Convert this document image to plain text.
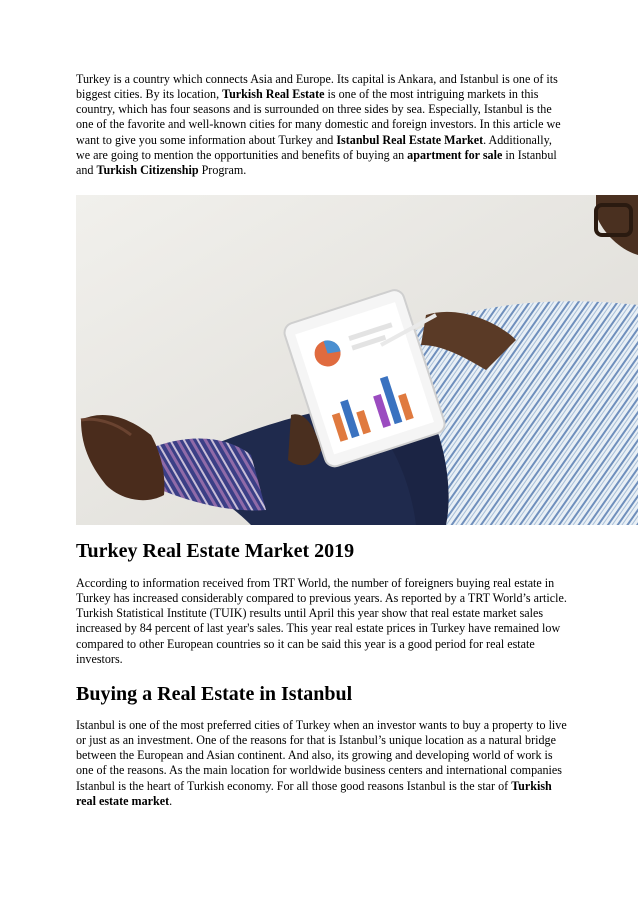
Turkey is a country which connects Asia and Europe. Its capital is Ankara, and Istanbul is one of its biggest cities. By its location, Turkish Real Estate is one of the most intriguing markets in this country, which has four seasons and is surrounded on three sides by sea. Especially, Istanbul is the one of the favorite and well-known cities for many domestic and foreign investors. In this article we want to give you some information about Turkey and Istanbul Real Estate Market. Additionally, we are going to mention the opportunities and benefits of buying an apartment for sale in Istanbul and Turkish Citizenship Program.

Turkey Real Estate Market 2019

According to information received from TRT World, the number of foreigners buying real estate in Turkey has increased considerably compared to previous years. As reported by a TRT World’s article. Turkish Statistical Institute (TUIK) results until April this year show that real estate market sales increased by 84 percent of last year's sales. This year real estate prices in Turkey have remained low compared to other European countries so it can be said this year is a good period for real estate investors.

Buying a Real Estate in Istanbul

Istanbul is one of the most preferred cities of Turkey when an investor wants to buy a property to live or just as an investment. One of the reasons for that is Istanbul’s unique location as a natural bridge between the European and Asian continent. And also, its growing and developing world of work is one of the reasons. As the main location for worldwide business centers and international companies Istanbul is the heart of Turkish economy. For all those good reasons Istanbul is the star of Turkish real estate market.
